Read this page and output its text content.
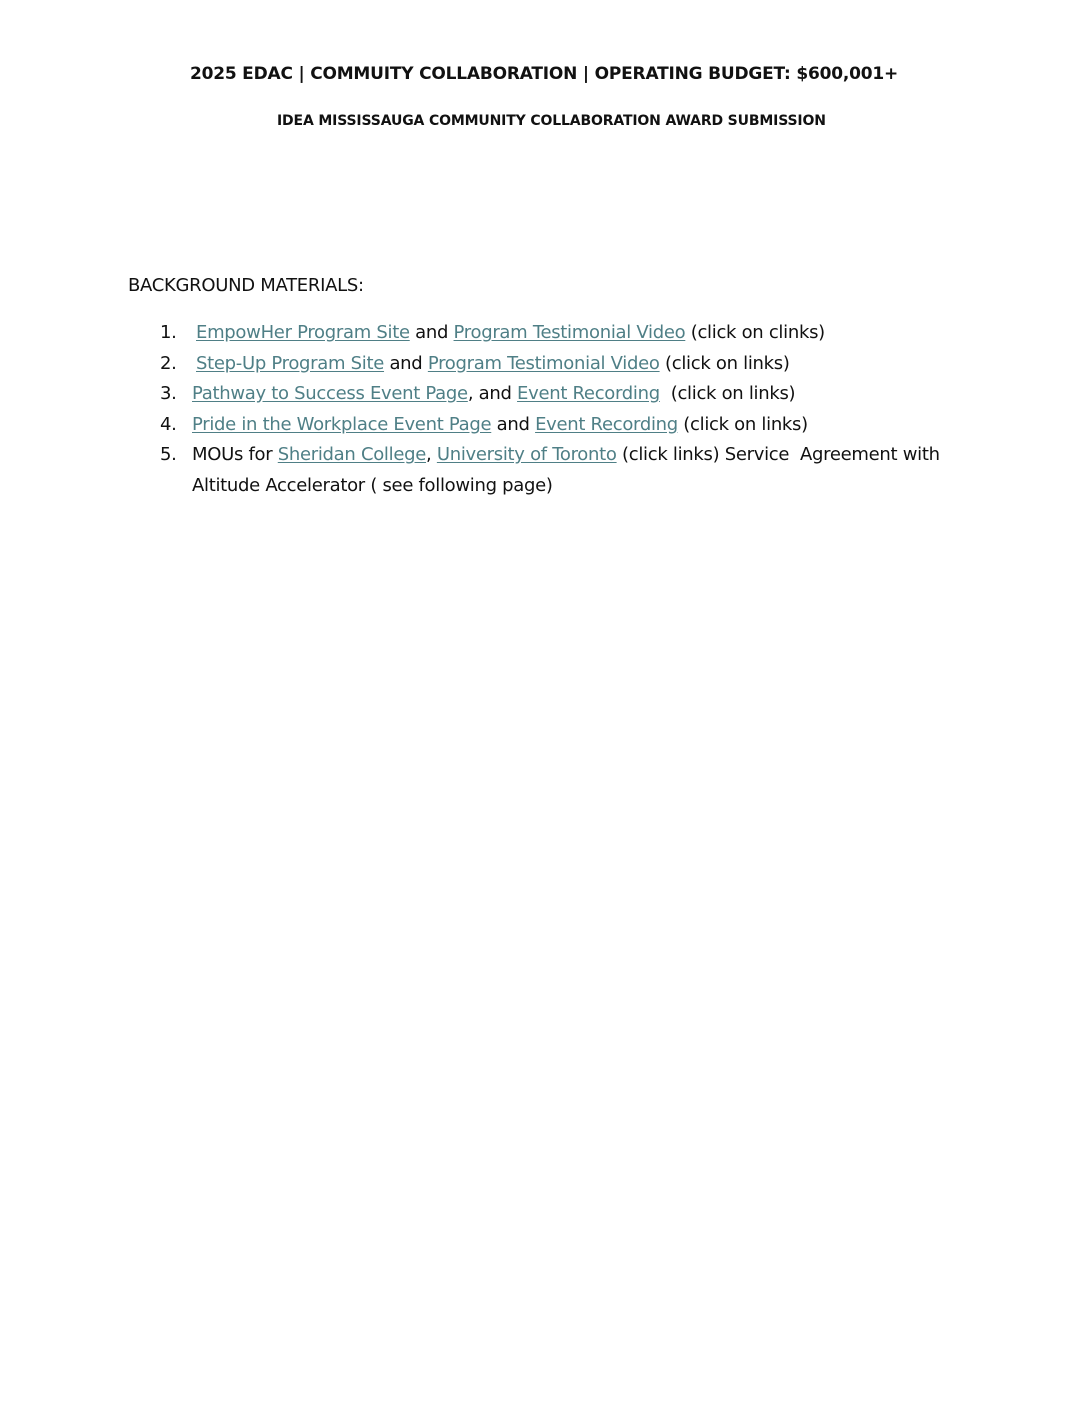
2025 EDAC | COMMUITY COLLABORATION | OPERATING BUDGET: $600,001+
IDEA MISSISSAUGA COMMUNITY COLLABORATION AWARD SUBMISSION
BACKGROUND MATERIALS:
1. EmpowHer Program Site and Program Testimonial Video (click on clinks)
2. Step-Up Program Site and Program Testimonial Video (click on links)
3. Pathway to Success Event Page, and Event Recording  (click on links)
4. Pride in the Workplace Event Page and Event Recording (click on links)
5. MOUs for Sheridan College, University of Toronto (click links) Service  Agreement with Altitude Accelerator ( see following page)
